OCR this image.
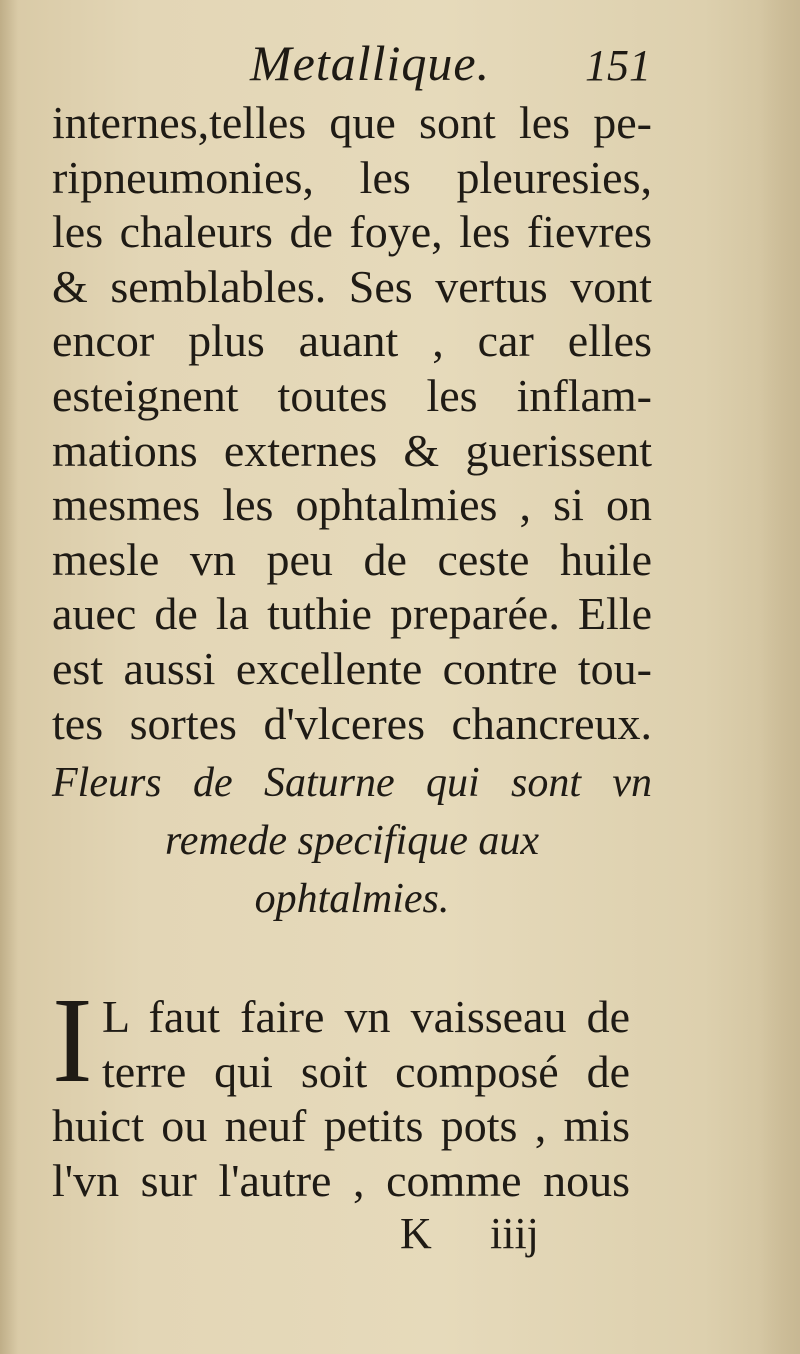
Metallique. 151
internes,telles que sont les pe-
ripneumonies, les pleuresies,
les chaleurs de foye, les fievres
& semblables. Ses vertus vont
encor plus auant , car elles
esteignent toutes les inflam-
mations externes & guerissent
mesmes les ophtalmies , si on
mesle vn peu de ceste huile
auec de la tuthie preparée. Elle
est aussi excellente contre tou-
tes sortes d'vlceres chancreux.
Fleurs de Saturne qui sont vn
remede specifique aux
ophtalmies.
I L faut faire vn vaisseau de
terre qui soit composé de
huict ou neuf petits pots , mis
l'vn sur l'autre , comme nous
K iiij
